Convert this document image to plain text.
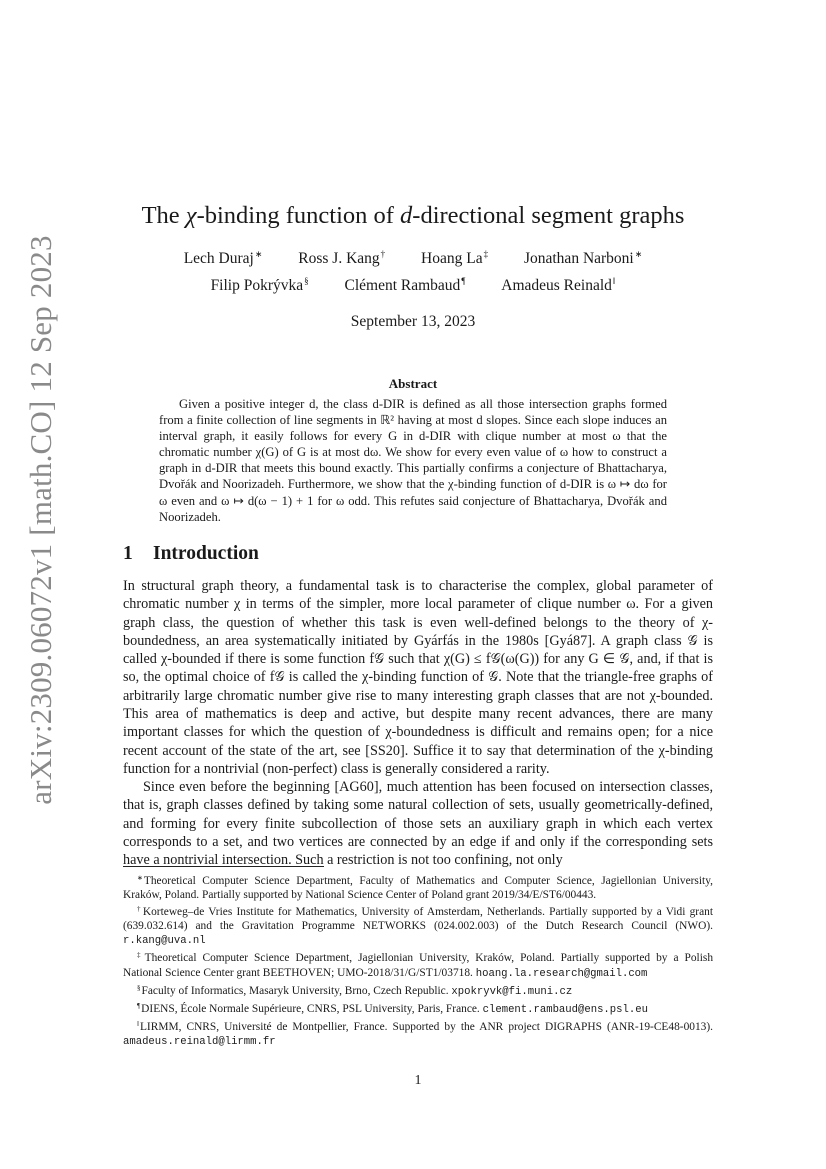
arXiv:2309.06072v1 [math.CO] 12 Sep 2023
The χ-binding function of d-directional segment graphs
Lech Duraj∗ Ross J. Kang† Hoang La‡ Jonathan Narboni∗
Filip Pokrývka§ Clément Rambaud¶ Amadeus Reinald‖
September 13, 2023
Abstract
Given a positive integer d, the class d-DIR is defined as all those intersection graphs formed from a finite collection of line segments in ℝ² having at most d slopes. Since each slope induces an interval graph, it easily follows for every G in d-DIR with clique number at most ω that the chromatic number χ(G) of G is at most dω. We show for every even value of ω how to construct a graph in d-DIR that meets this bound exactly. This partially confirms a conjecture of Bhattacharya, Dvořák and Noorizadeh. Furthermore, we show that the χ-binding function of d-DIR is ω ↦ dω for ω even and ω ↦ d(ω − 1) + 1 for ω odd. This refutes said conjecture of Bhattacharya, Dvořák and Noorizadeh.
1 Introduction
In structural graph theory, a fundamental task is to characterise the complex, global parameter of chromatic number χ in terms of the simpler, more local parameter of clique number ω. For a given graph class, the question of whether this task is even well-defined belongs to the theory of χ-boundedness, an area systematically initiated by Gyárfás in the 1980s [Gyá87]. A graph class 𝒢 is called χ-bounded if there is some function f𝒢 such that χ(G) ≤ f𝒢(ω(G)) for any G ∈ 𝒢, and, if that is so, the optimal choice of f𝒢 is called the χ-binding function of 𝒢. Note that the triangle-free graphs of arbitrarily large chromatic number give rise to many interesting graph classes that are not χ-bounded. This area of mathematics is deep and active, but despite many recent advances, there are many important classes for which the question of χ-boundedness is difficult and remains open; for a nice recent account of the state of the art, see [SS20]. Suffice it to say that determination of the χ-binding function for a nontrivial (non-perfect) class is generally considered a rarity.
Since even before the beginning [AG60], much attention has been focused on intersection classes, that is, graph classes defined by taking some natural collection of sets, usually geometrically-defined, and forming for every finite subcollection of those sets an auxiliary graph in which each vertex corresponds to a set, and two vertices are connected by an edge if and only if the corresponding sets have a nontrivial intersection. Such a restriction is not too confining, not only

∗Theoretical Computer Science Department, Faculty of Mathematics and Computer Science, Jagiellonian University, Kraków, Poland. Partially supported by National Science Center of Poland grant 2019/34/E/ST6/00443.

†Korteweg–de Vries Institute for Mathematics, University of Amsterdam, Netherlands. Partially supported by a Vidi grant (639.032.614) and the Gravitation Programme NETWORKS (024.002.003) of the Dutch Research Council (NWO). r.kang@uva.nl

‡Theoretical Computer Science Department, Jagiellonian University, Kraków, Poland. Partially supported by a Polish National Science Center grant BEETHOVEN; UMO-2018/31/G/ST1/03718. hoang.la.research@gmail.com

§Faculty of Informatics, Masaryk University, Brno, Czech Republic. xpokryvk@fi.muni.cz

¶DIENS, École Normale Supérieure, CNRS, PSL University, Paris, France. clement.rambaud@ens.psl.eu

‖LIRMM, CNRS, Université de Montpellier, France. Supported by the ANR project DIGRAPHS (ANR-19-CE48-0013). amadeus.reinald@lirmm.fr

1
